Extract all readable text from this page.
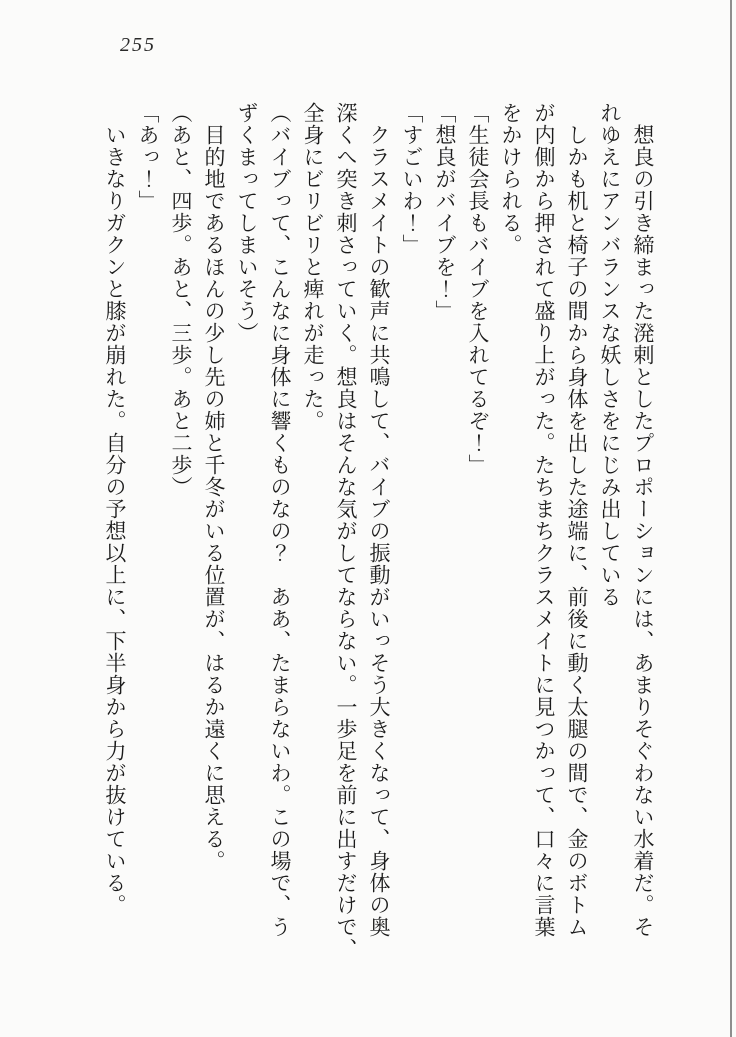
255
　想良の引き締まった溌剌としたプロポーションには、あまりそぐわない水着だ。そ
れゆえにアンバランスな妖しさをにじみ出している
　しかも机と椅子の間から身体を出した途端に、前後に動く太腿の間で、金のボトム
が内側から押されて盛り上がった。たちまちクラスメイトに見つかって、口々に言葉
をかけられる。
「生徒会長もバイブを入れてるぞ！」
「想良がバイブを！」
「すごいわ！」
　クラスメイトの歓声に共鳴して、バイブの振動がいっそう大きくなって、身体の奥
深くへ突き刺さっていく。想良はそんな気がしてならない。一歩足を前に出すだけで、
全身にビリビリと痺れが走った。
（バイブって、こんなに身体に響くものなの？　ああ、たまらないわ。この場で、う
ずくまってしまいそう）
　目的地であるほんの少し先の姉と千冬がいる位置が、はるか遠くに思える。
（あと、四歩。あと、三歩。あと二歩）
「あっ！」
　いきなりガクンと膝が崩れた。自分の予想以上に、下半身から力が抜けている。
